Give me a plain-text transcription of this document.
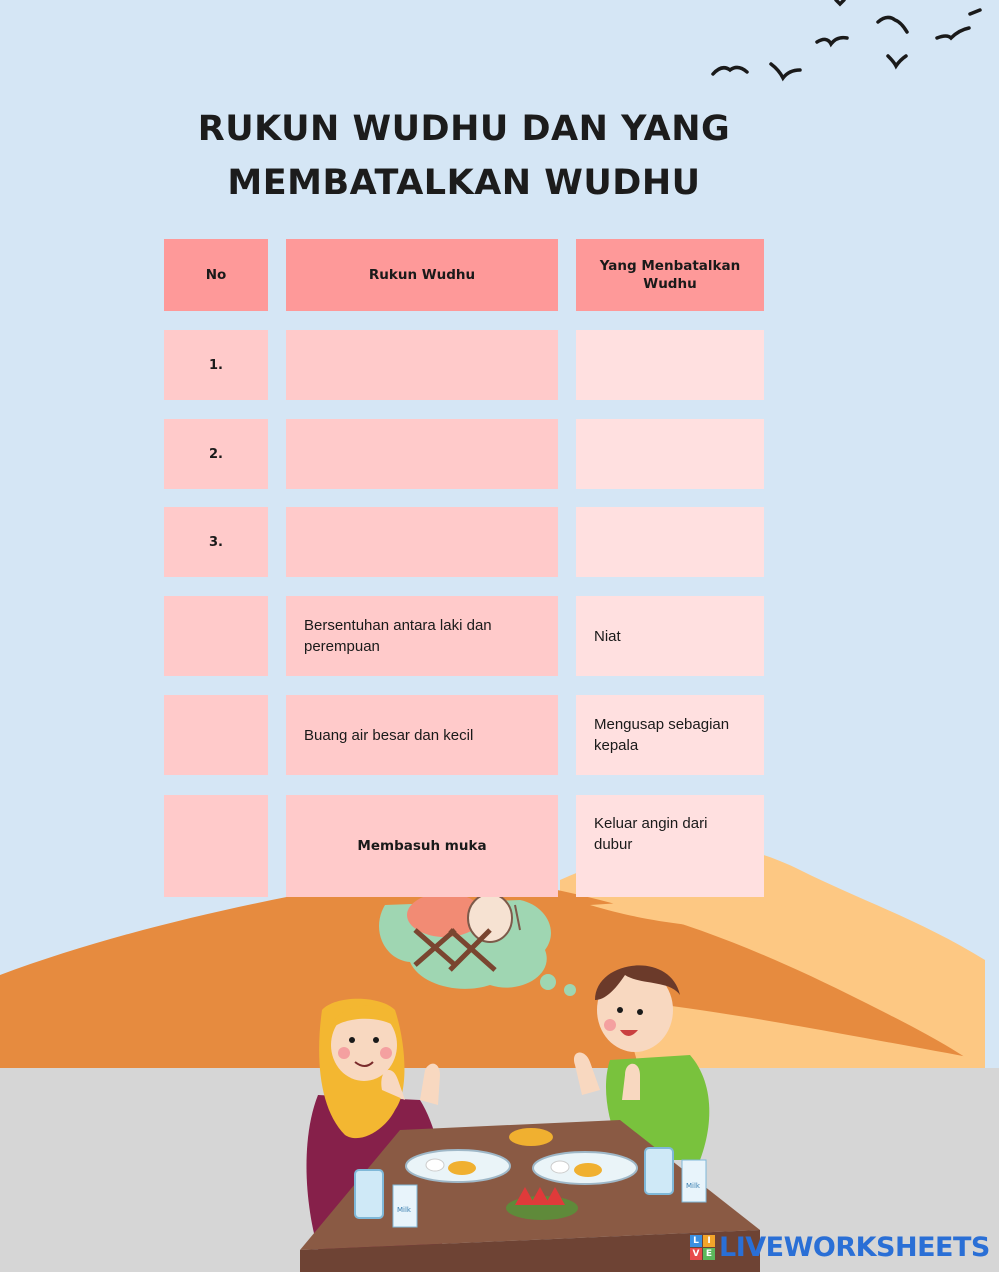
Milk
Milk
RUKUN WUDHU DAN YANG
MEMBATALKAN WUDHU
No	Rukun Wudhu
Yang Menbatalkan Wudhu
1.
2.
3.
Bersentuhan antara laki dan perempuan
Niat
Buang air besar dan kecil
Mengusap sebagian kepala
Membasuh muka
Keluar angin dari dubur
L I
V E LIVEWORKSHEETS
